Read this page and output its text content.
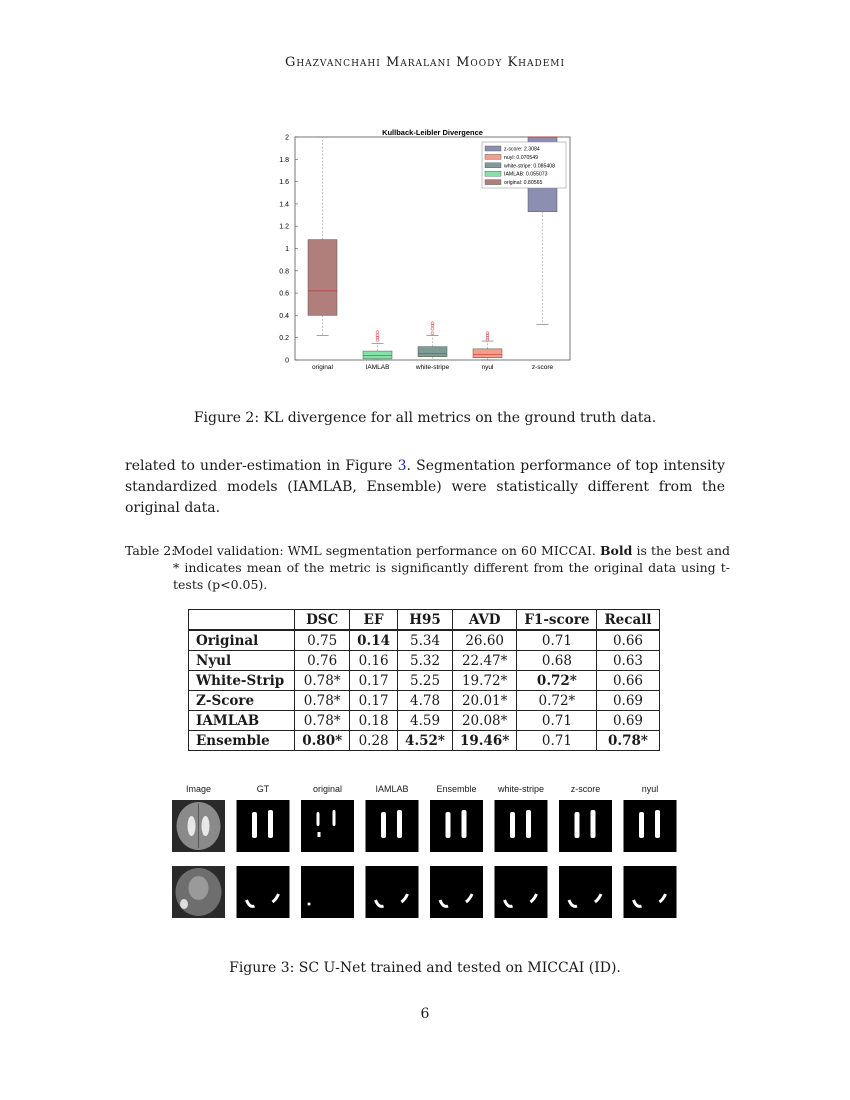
Ghazvanchahi Maralani Moody Khademi
Kullback-Leibler Divergence
0
0.2
0.4
0.6
0.8
1
1.2
1.4
1.6
1.8
2
original	IAMLAB	white-stripe	nyul	z-score
z-score: 2.3084
nuyl: 0.070549
white-stripe: 0.085408
IAMLAB: 0.055073
original: 0.80565
Figure 2: KL divergence for all metrics on the ground truth data.
related to under-estimation in Figure 3. Segmentation performance of top intensity standardized models (IAMLAB, Ensemble) were statistically different from the original data.
Table 2:
Model validation: WML segmentation performance on 60 MICCAI. Bold is the best and * indicates mean of the metric is significantly different from the original data using t-tests (p<0.05).
	DSC	EF	H95	AVD	F1-score	Recall
Original	0.75	0.14	5.34	26.60	0.71	0.66
Nyul	0.76	0.16	5.32	22.47*	0.68	0.63
White-Strip	0.78*	0.17	5.25	19.72*	0.72*	0.66
Z-Score	0.78*	0.17	4.78	20.01*	0.72*	0.69
IAMLAB	0.78*	0.18	4.59	20.08*	0.71	0.69
Ensemble	0.80*	0.28	4.52*	19.46*	0.71	0.78*
Image	GT	original	IAMLAB	Ensemble	white-stripe	z-score	nyul
Figure 3: SC U-Net trained and tested on MICCAI (ID).
6
